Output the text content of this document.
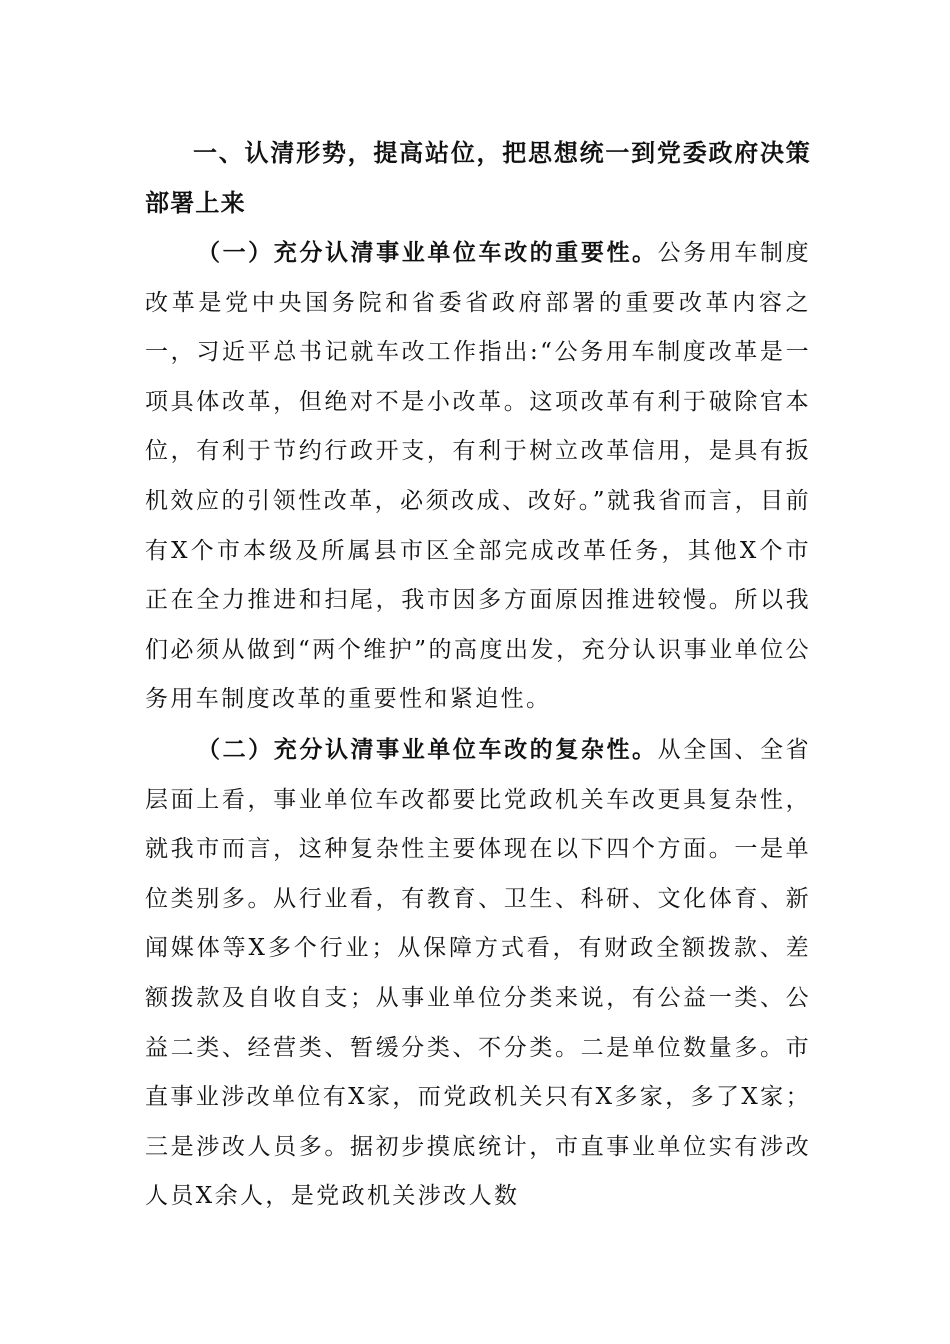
一、认清形势，提高站位，把思想统一到党委政府决策部署上来

（一）充分认清事业单位车改的重要性。公务用车制度改革是党中央国务院和省委省政府部署的重要改革内容之一，习近平总书记就车改工作指出:“公务用车制度改革是一项具体改革，但绝对不是小改革。这项改革有利于破除官本位，有利于节约行政开支，有利于树立改革信用，是具有扳机效应的引领性改革，必须改成、改好。”就我省而言，目前有X个市本级及所属县市区全部完成改革任务，其他X个市正在全力推进和扫尾，我市因多方面原因推进较慢。所以我们必须从做到“两个维护”的高度出发，充分认识事业单位公务用车制度改革的重要性和紧迫性。

（二）充分认清事业单位车改的复杂性。从全国、全省层面上看，事业单位车改都要比党政机关车改更具复杂性，就我市而言，这种复杂性主要体现在以下四个方面。一是单位类别多。从行业看，有教育、卫生、科研、文化体育、新闻媒体等X多个行业；从保障方式看，有财政全额拨款、差额拨款及自收自支；从事业单位分类来说，有公益一类、公益二类、经营类、暂缓分类、不分类。二是单位数量多。市直事业涉改单位有X家，而党政机关只有X多家，多了X家；三是涉改人员多。据初步摸底统计，市直事业单位实有涉改人员X余人，是党政机关涉改人数
